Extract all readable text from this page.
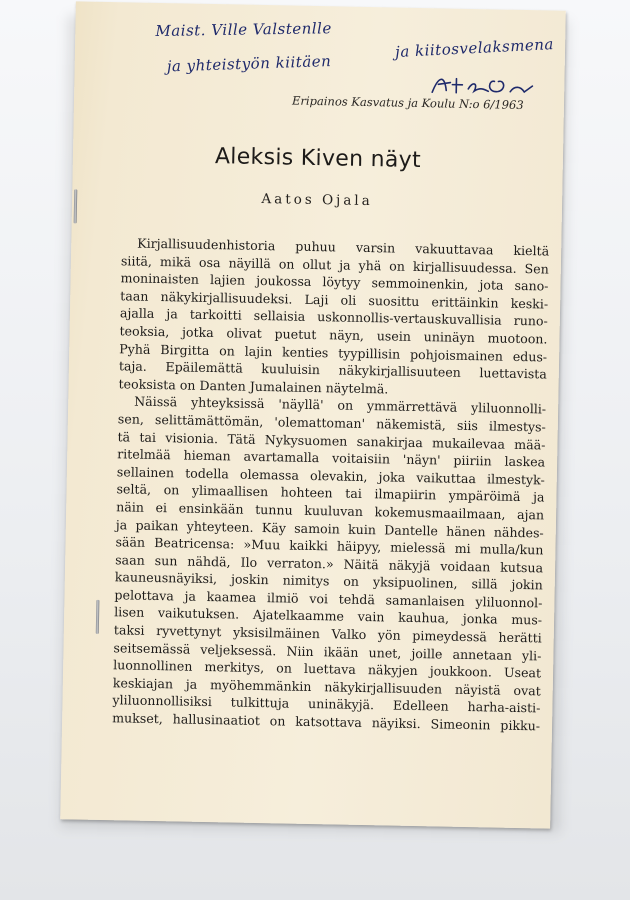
Maist. Ville Valstenlle
ja kiitosvelaksmena
ja yhteistyön kiitäen
Eripainos Kasvatus ja Koulu N:o 6/1963
Aleksis Kiven näyt
Aatos Ojala
Kirjallisuudenhistoria puhuu varsin vakuuttavaa kieltä
siitä, mikä osa näyillä on ollut ja yhä on kirjallisuudessa. Sen
moninaisten lajien joukossa löytyy semmoinenkin, jota sano-
taan näkykirjallisuudeksi. Laji oli suosittu erittäinkin keski-
ajalla ja tarkoitti sellaisia uskonnollis-vertauskuvallisia runo-
teoksia, jotka olivat puetut näyn, usein uninäyn muotoon.
Pyhä Birgitta on lajin kenties tyypillisin pohjoismainen edus-
taja. Epäilemättä kuuluisin näkykirjallisuuteen luettavista
teoksista on Danten Jumalainen näytelmä.
Näissä yhteyksissä 'näyllä' on ymmärrettävä yliluonnolli-
sen, selittämättömän, 'olemattoman' näkemistä, siis ilmestys-
tä tai visionia. Tätä Nykysuomen sanakirjaa mukailevaa mää-
ritelmää hieman avartamalla voitaisiin 'näyn' piiriin laskea
sellainen todella olemassa olevakin, joka vaikuttaa ilmestyk-
seltä, on ylimaallisen hohteen tai ilmapiirin ympäröimä ja
näin ei ensinkään tunnu kuuluvan kokemusmaailmaan, ajan
ja paikan yhteyteen. Käy samoin kuin Dantelle hänen nähdes-
sään Beatricensa: »Muu kaikki häipyy, mielessä mi mulla/kun
saan sun nähdä, Ilo verraton.» Näitä näkyjä voidaan kutsua
kauneusnäyiksi, joskin nimitys on yksipuolinen, sillä jokin
pelottava ja kaamea ilmiö voi tehdä samanlaisen yliluonnol-
lisen vaikutuksen. Ajatelkaamme vain kauhua, jonka mus-
taksi ryvettynyt yksisilmäinen Valko yön pimeydessä herätti
seitsemässä veljeksessä. Niin ikään unet, joille annetaan yli-
luonnollinen merkitys, on luettava näkyjen joukkoon. Useat
keskiajan ja myöhemmänkin näkykirjallisuuden näyistä ovat
yliluonnollisiksi tulkittuja uninäkyjä. Edelleen harha-aisti-
mukset, hallusinaatiot on katsottava näyiksi. Simeonin pikku-
